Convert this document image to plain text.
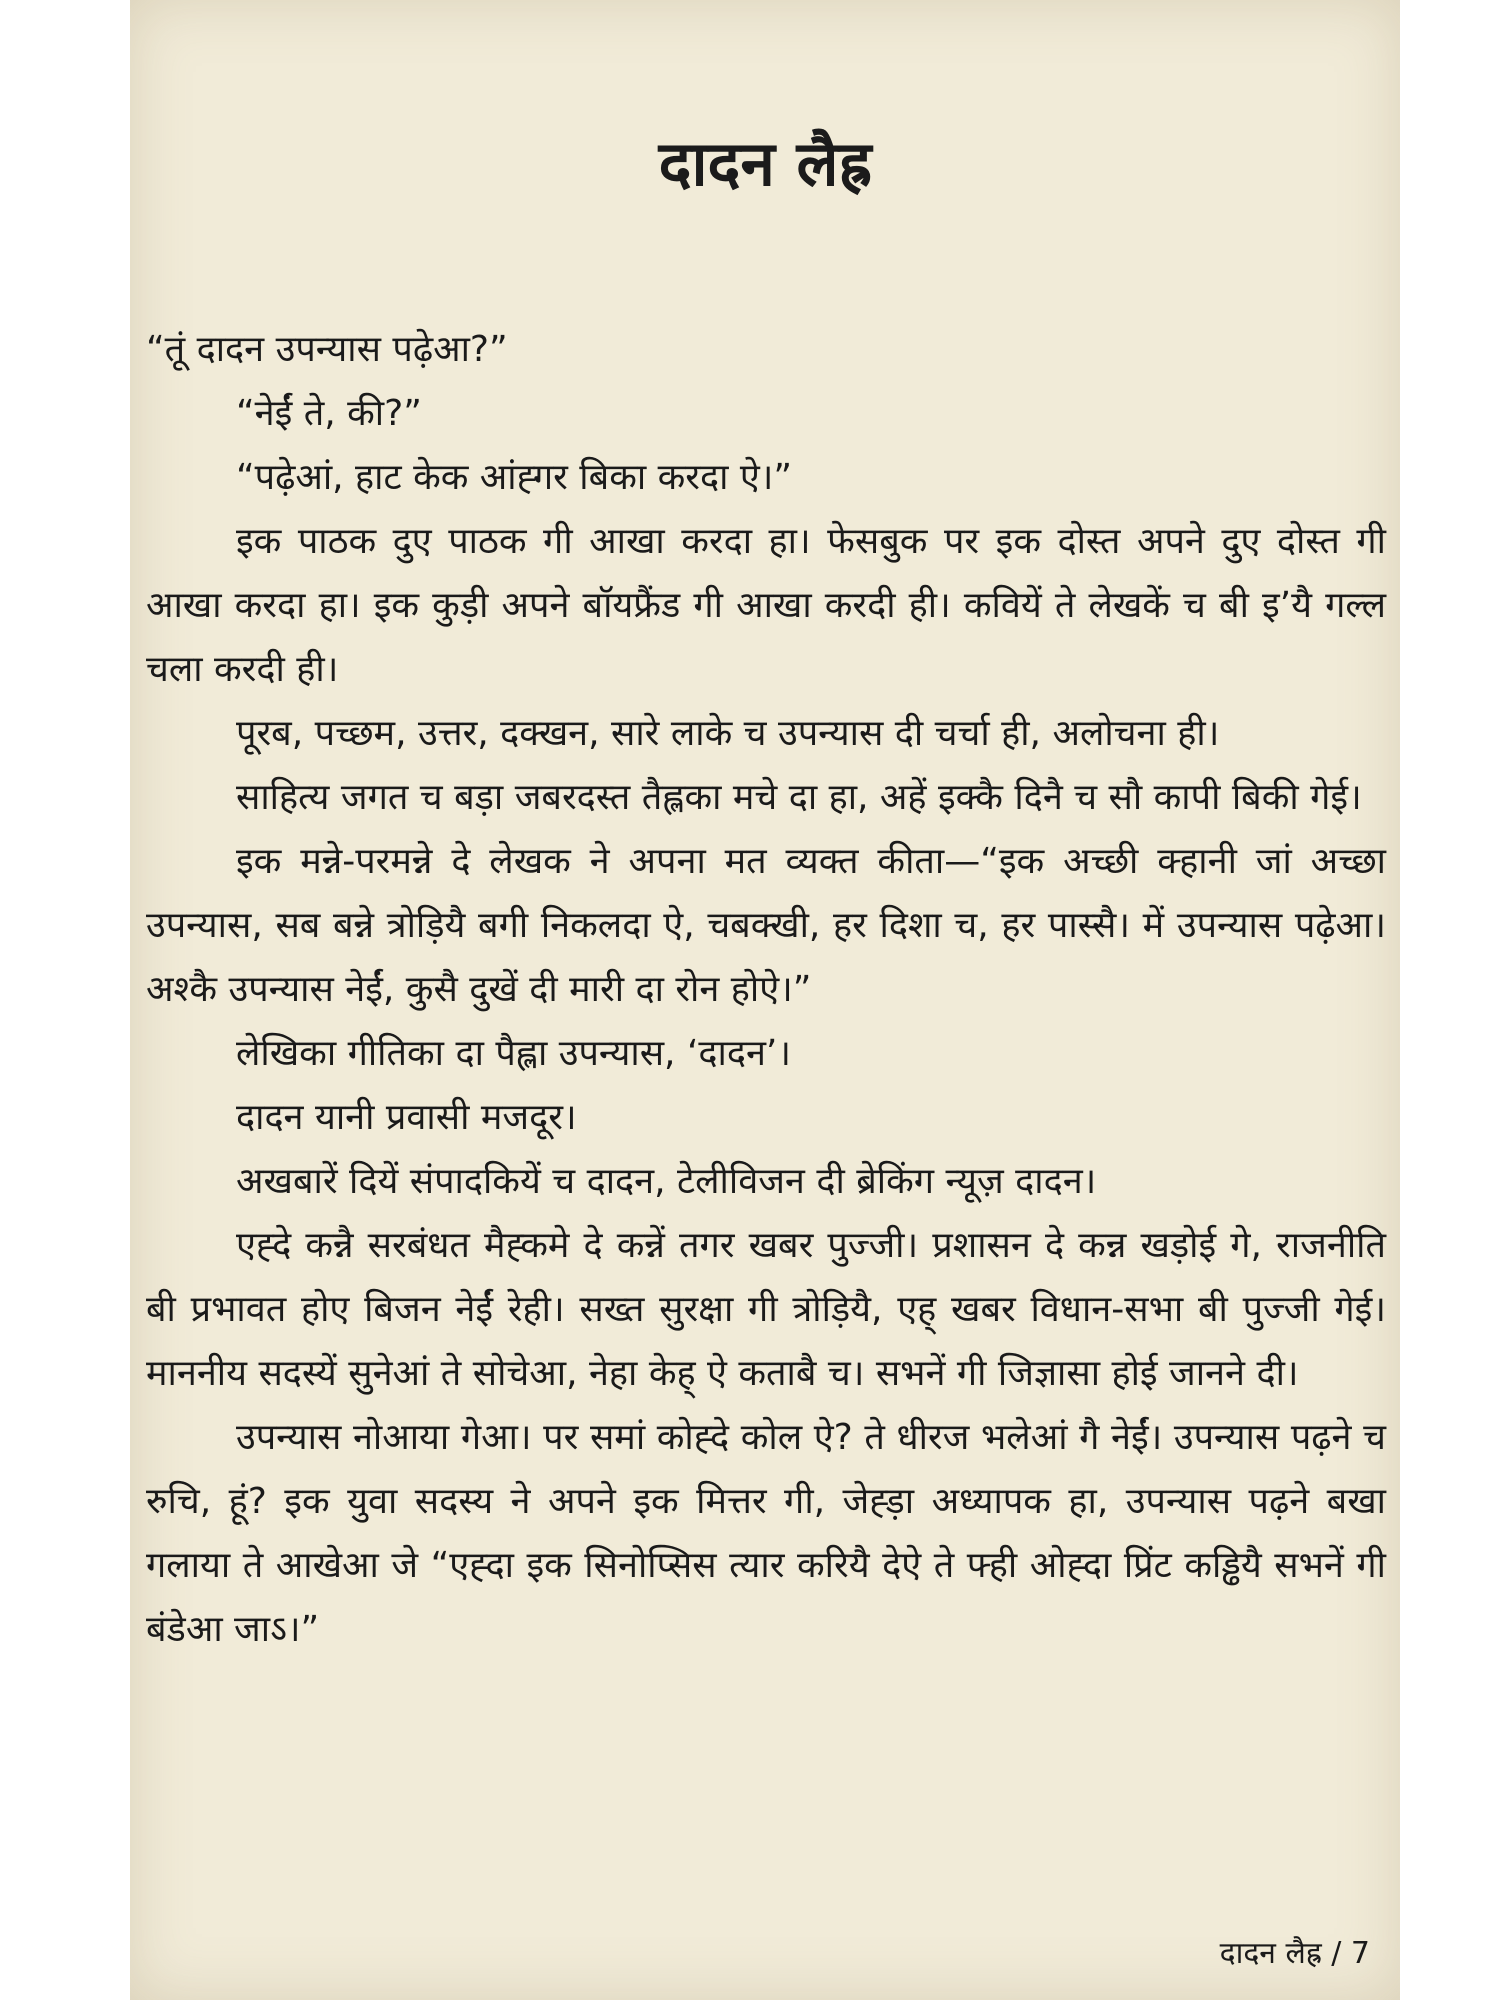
दादन लैह्र

“तूं दादन उपन्यास पढ़ेआ?”

“नेईं ते, की?”

“पढ़ेआं, हाट केक आंह्गर बिका करदा ऐ।”

इक पाठक दुए पाठक गी आखा करदा हा। फेसबुक पर इक दोस्त अपने दुए दोस्त गी आखा करदा हा। इक कुड़ी अपने बॉयफ्रैंड गी आखा करदी ही। कवियें ते लेखकें च बी इ’यै गल्ल चला करदी ही।

पूरब, पच्छम, उत्तर, दक्खन, सारे लाके च उपन्यास दी चर्चा ही, अलोचना ही।

साहित्य जगत च बड़ा जबरदस्त तैह्लका मचे दा हा, अहें इक्कै दिनै च सौ कापी बिकी गेई।

इक मन्ने-परमन्ने दे लेखक ने अपना मत व्यक्त कीता—“इक अच्छी क्हानी जां अच्छा उपन्यास, सब बन्ने त्रोड़ियै बगी निकलदा ऐ, चबक्खी, हर दिशा च, हर पास्सै। में उपन्यास पढ़ेआ। अश्कै उपन्यास नेईं, कुसै दुखें दी मारी दा रोन होऐ।”

लेखिका गीतिका दा पैह्ला उपन्यास, ‘दादन’।

दादन यानी प्रवासी मजदूर।

अखबारें दियें संपादकियें च दादन, टेलीविजन दी ब्रेकिंग न्यूज़ दादन।

एह्दे कन्नै सरबंधत मैह्कमे दे कन्नें तगर खबर पुज्जी। प्रशासन दे कन्न खड़ोई गे, राजनीति बी प्रभावत होए बिजन नेईं रेही। सख्त सुरक्षा गी त्रोड़ियै, एह् खबर विधान-सभा बी पुज्जी गेई। माननीय सदस्यें सुनेआं ते सोचेआ, नेहा केह् ऐ कताबै च। सभनें गी जिज्ञासा होई जानने दी।

उपन्यास नोआया गेआ। पर समां कोह्दे कोल ऐ? ते धीरज भलेआं गै नेईं। उपन्यास पढ़ने च रुचि, हूं? इक युवा सदस्य ने अपने इक मित्तर गी, जेह्ड़ा अध्यापक हा, उपन्यास पढ़ने बखा गलाया ते आखेआ जे “एह्दा इक सिनोप्सिस त्यार करियै देऐ ते फ्ही ओह्दा प्रिंट कड्ढियै सभनें गी बंडेआ जाऽ।”

दादन लैह्र / 7
